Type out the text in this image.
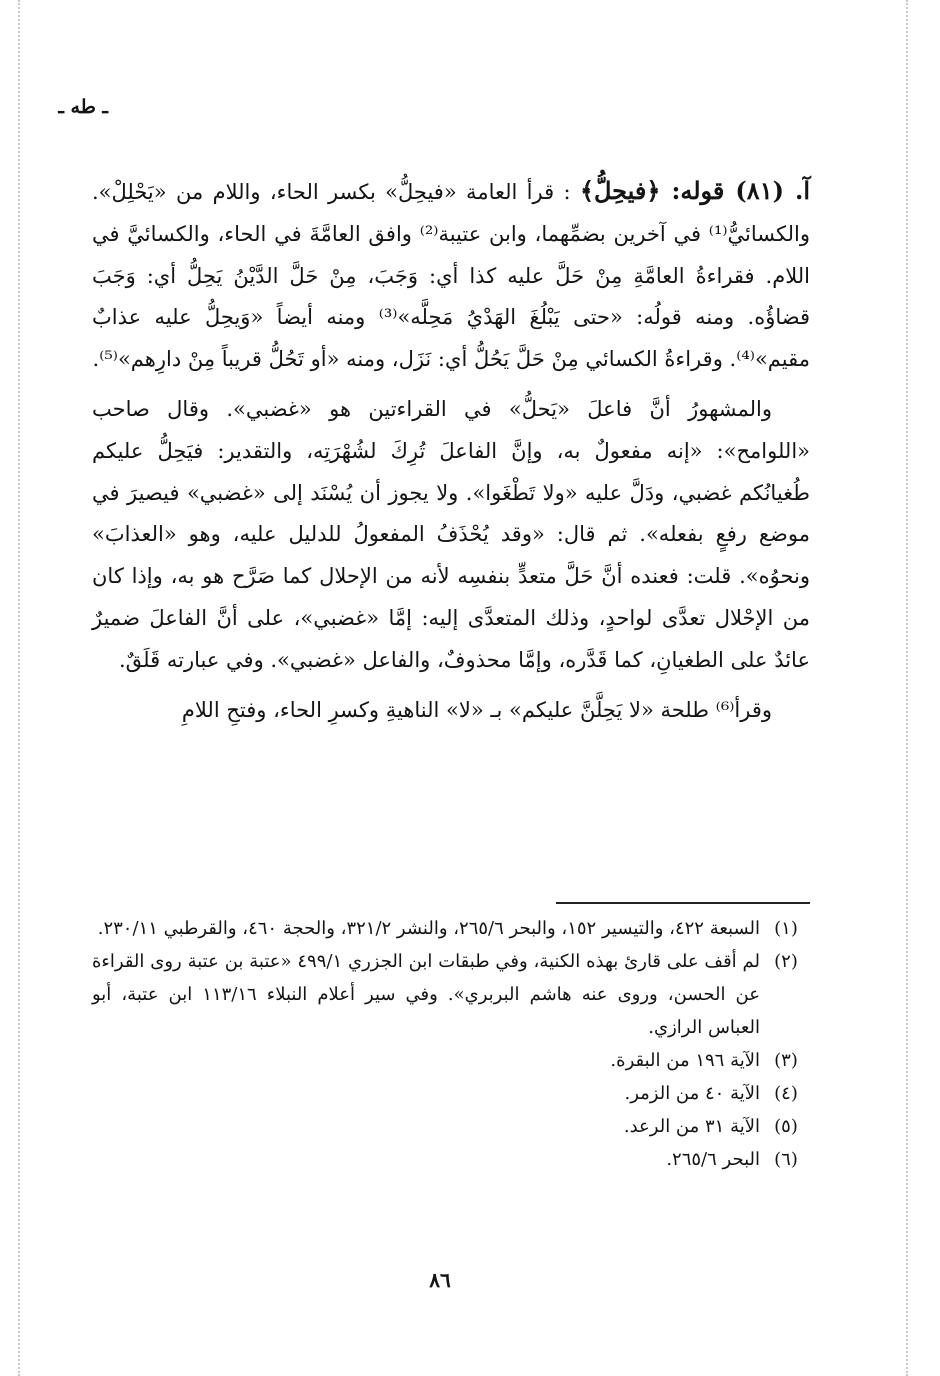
ـ طه ـ

آ. (٨١) قوله: ﴿فيحِلُّ﴾ : قرأ العامة «فيحِلُّ» بكسر الحاء، واللام من «يَحْلِلْ». والكسائيُّ⁽¹⁾ في آخرين بضمِّهما، وابن عتيبة⁽²⁾ وافق العامَّةَ في الحاء، والكسائيَّ في اللام. فقراءةُ العامَّةِ مِنْ حَلَّ عليه كذا أي: وَجَبَ، مِنْ حَلَّ الدَّيْنُ يَحِلُّ أي: وَجَبَ قضاؤُه. ومنه قولُه: «حتى يَبْلُغَ الهَدْيُ مَحِلَّه»⁽³⁾ ومنه أيضاً «وَيحِلُّ عليه عذابٌ مقيم»⁽⁴⁾. وقراءةُ الكسائي مِنْ حَلَّ يَحُلُّ أي: نَزَل، ومنه «أو تَحُلُّ قريباً مِنْ دارِهم»⁽⁵⁾.

والمشهورُ أنَّ فاعلَ «يَحلُّ» في القراءتين هو «غضبي». وقال صاحب «اللوامح»: «إنه مفعولٌ به، وإنَّ الفاعلَ تُرِكَ لشُهْرَتِه، والتقدير: فيَحِلُّ عليكم طُغيانُكم غضبي، ودَلَّ عليه «ولا تَطْغَوا». ولا يجوز أن يُسْنَد إلى «غضبي» فيصيرَ في موضع رفعٍ بفعله». ثم قال: «وقد يُحْذَفُ المفعولُ للدليل عليه، وهو «العذابَ» ونحوُه». قلت: فعنده أنَّ حَلَّ متعدٍّ بنفسِه لأنه من الإحلال كما صَرَّح هو به، وإذا كان من الإحْلال تعدَّى لواحدٍ، وذلك المتعدَّى إليه: إمَّا «غضبي»، على أنَّ الفاعلَ ضميرٌ عائدٌ على الطغيانِ، كما قَدَّره، وإمَّا محذوفٌ، والفاعل «غضبي». وفي عبارته قَلَقٌ.

وقرأ⁽⁶⁾ طلحة «لا يَحِلَّنَّ عليكم» بـ «لا» الناهيةِ وكسرِ الحاء، وفتحِ اللامِ

(١)
السبعة ٤٢٢، والتيسير ١٥٢، والبحر ٢٦٥/٦، والنشر ٣٢١/٢، والحجة ٤٦٠، والقرطبي ٢٣٠/١١.
(٢)
لم أقف على قارئ بهذه الكنية، وفي طبقات ابن الجزري ٤٩٩/١ «عتبة بن عتبة روى القراءة عن الحسن، وروى عنه هاشم البربري». وفي سير أعلام النبلاء ١١٣/١٦ ابن عتبة، أبو العباس الرازي.
(٣)
الآية ١٩٦ من البقرة.
(٤)
الآية ٤٠ من الزمر.
(٥)
الآية ٣١ من الرعد.
(٦)
البحر ٢٦٥/٦.
٨٦
